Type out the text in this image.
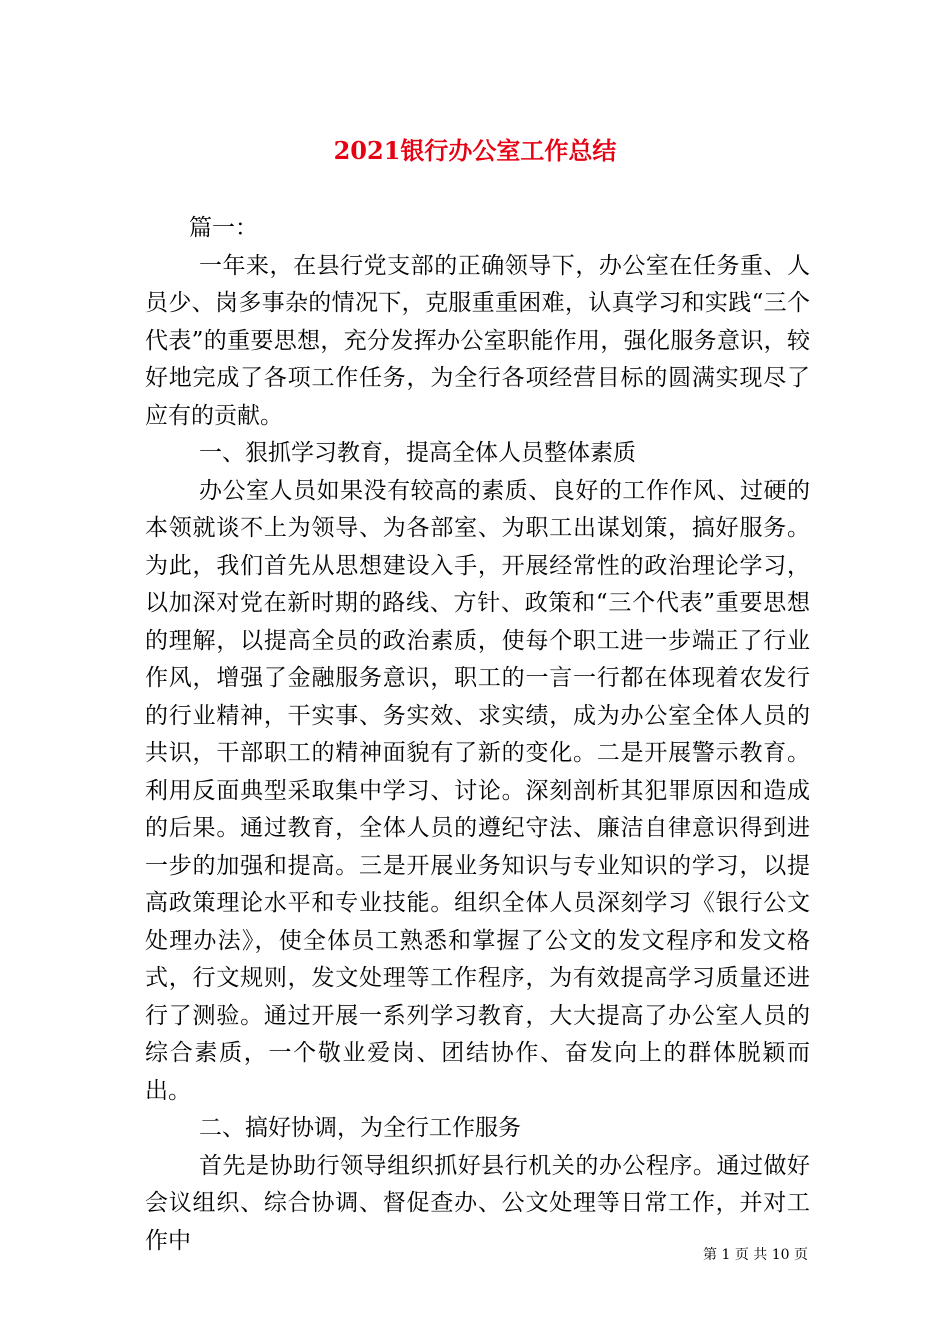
2021银行办公室工作总结

篇一：

一年来，在县行党支部的正确领导下，办公室在任务重、人员少、岗多事杂的情况下，克服重重困难，认真学习和实践“三个代表”的重要思想，充分发挥办公室职能作用，强化服务意识，较好地完成了各项工作任务，为全行各项经营目标的圆满实现尽了应有的贡献。

一、狠抓学习教育，提高全体人员整体素质

办公室人员如果没有较高的素质、良好的工作作风、过硬的本领就谈不上为领导、为各部室、为职工出谋划策，搞好服务。为此，我们首先从思想建设入手，开展经常性的政治理论学习，以加深对党在新时期的路线、方针、政策和“三个代表”重要思想的理解，以提高全员的政治素质，使每个职工进一步端正了行业作风，增强了金融服务意识，职工的一言一行都在体现着农发行的行业精神，干实事、务实效、求实绩，成为办公室全体人员的共识，干部职工的精神面貌有了新的变化。二是开展警示教育。利用反面典型采取集中学习、讨论。深刻剖析其犯罪原因和造成的后果。通过教育，全体人员的遵纪守法、廉洁自律意识得到进一步的加强和提高。三是开展业务知识与专业知识的学习，以提高政策理论水平和专业技能。组织全体人员深刻学习《银行公文处理办法》，使全体员工熟悉和掌握了公文的发文程序和发文格式，行文规则，发文处理等工作程序，为有效提高学习质量还进行了测验。通过开展一系列学习教育，大大提高了办公室人员的综合素质，一个敬业爱岗、团结协作、奋发向上的群体脱颖而出。

二、搞好协调，为全行工作服务

首先是协助行领导组织抓好县行机关的办公程序。通过做好会议组织、综合协调、督促查办、公文处理等日常工作，并对工作中

第 1 页 共 10 页
